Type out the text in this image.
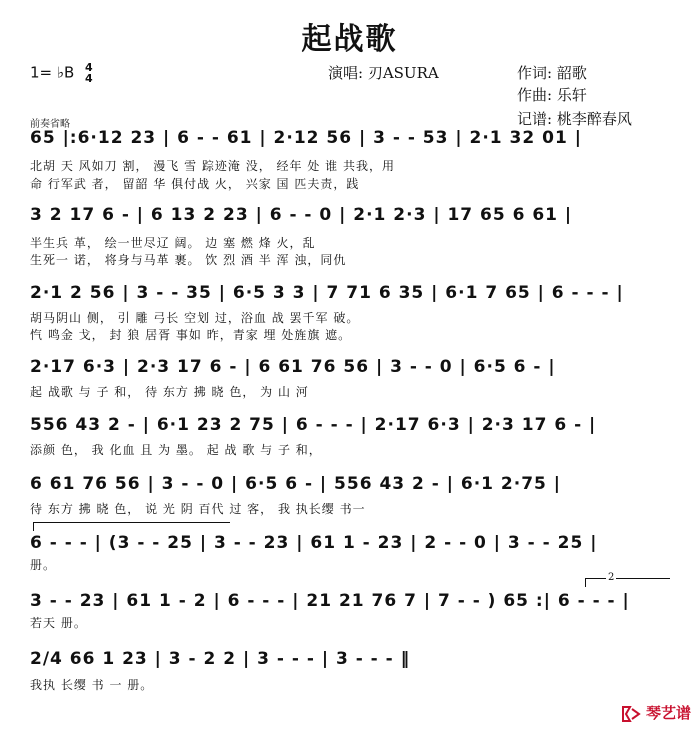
起战歌
1= ♭B 4
4	演唱: 刃ASURA	作词: 韶歌
作曲: 乐轩
记谱: 桃李醉春风
前奏省略
65 |:6·12 23 | 6 - - 61 | 2·12 56 | 3 - - 53 | 2·1 32 01 |
北胡 天 风如刀 割， 漫飞 雪 踪迹淹 没， 经年 处 谁 共我，用
命 行军武 者， 留韶 华 俱付战 火， 兴家 国 匹夫责，践
3 2 17 6 - | 6 13 2 23 | 6 - - 0 | 2·1 2·3 | 17 65 6 61 |
半生兵 革， 绘一世尽辽 阔。 边 塞 燃 烽 火，乱
生死一 诺， 将身与马革 裹。 饮 烈 酒 半 浑 浊，同仇
2·1 2 56 | 3 - - 35 | 6·5 3 3 | 7 71 6 35 | 6·1 7 65 | 6 - - - |
胡马阴山 侧， 引 雕 弓长 空划 过，浴血 战 罢千军 破。
忾 鸣金 戈， 封 狼 居胥 事如 昨，青家 埋 处旌旗 遮。
2·17 6·3 | 2·3 17 6 - | 6 61 76 56 | 3 - - 0 | 6·5 6 - |
起 战歌 与 子 和， 待 东方 拂 晓 色， 为 山 河
556 43 2 - | 6·1 23 2 75 | 6 - - - | 2·17 6·3 | 2·3 17 6 - |
添颜 色， 我 化血 且 为 墨。 起 战 歌 与 子 和，
6 61 76 56 | 3 - - 0 | 6·5 6 - | 556 43 2 - | 6·1 2·75 |
待 东方 拂 晓 色， 说 光 阴 百代 过 客， 我 执长缨 书一
6 - - - | (3 - - 25 | 3 - - 23 | 61 1 - 23 | 2 - - 0 | 3 - - 25 |
册。
2
3 - - 23 | 61 1 - 2 | 6 - - - | 21 21 76 7 | 7 - - ) 65 :| 6 - - - |
若天 册。
2/4 66 1 23 | 3 - 2 2 | 3 - - - | 3 - - - ‖
我执 长缨 书 一 册。
琴艺谱
